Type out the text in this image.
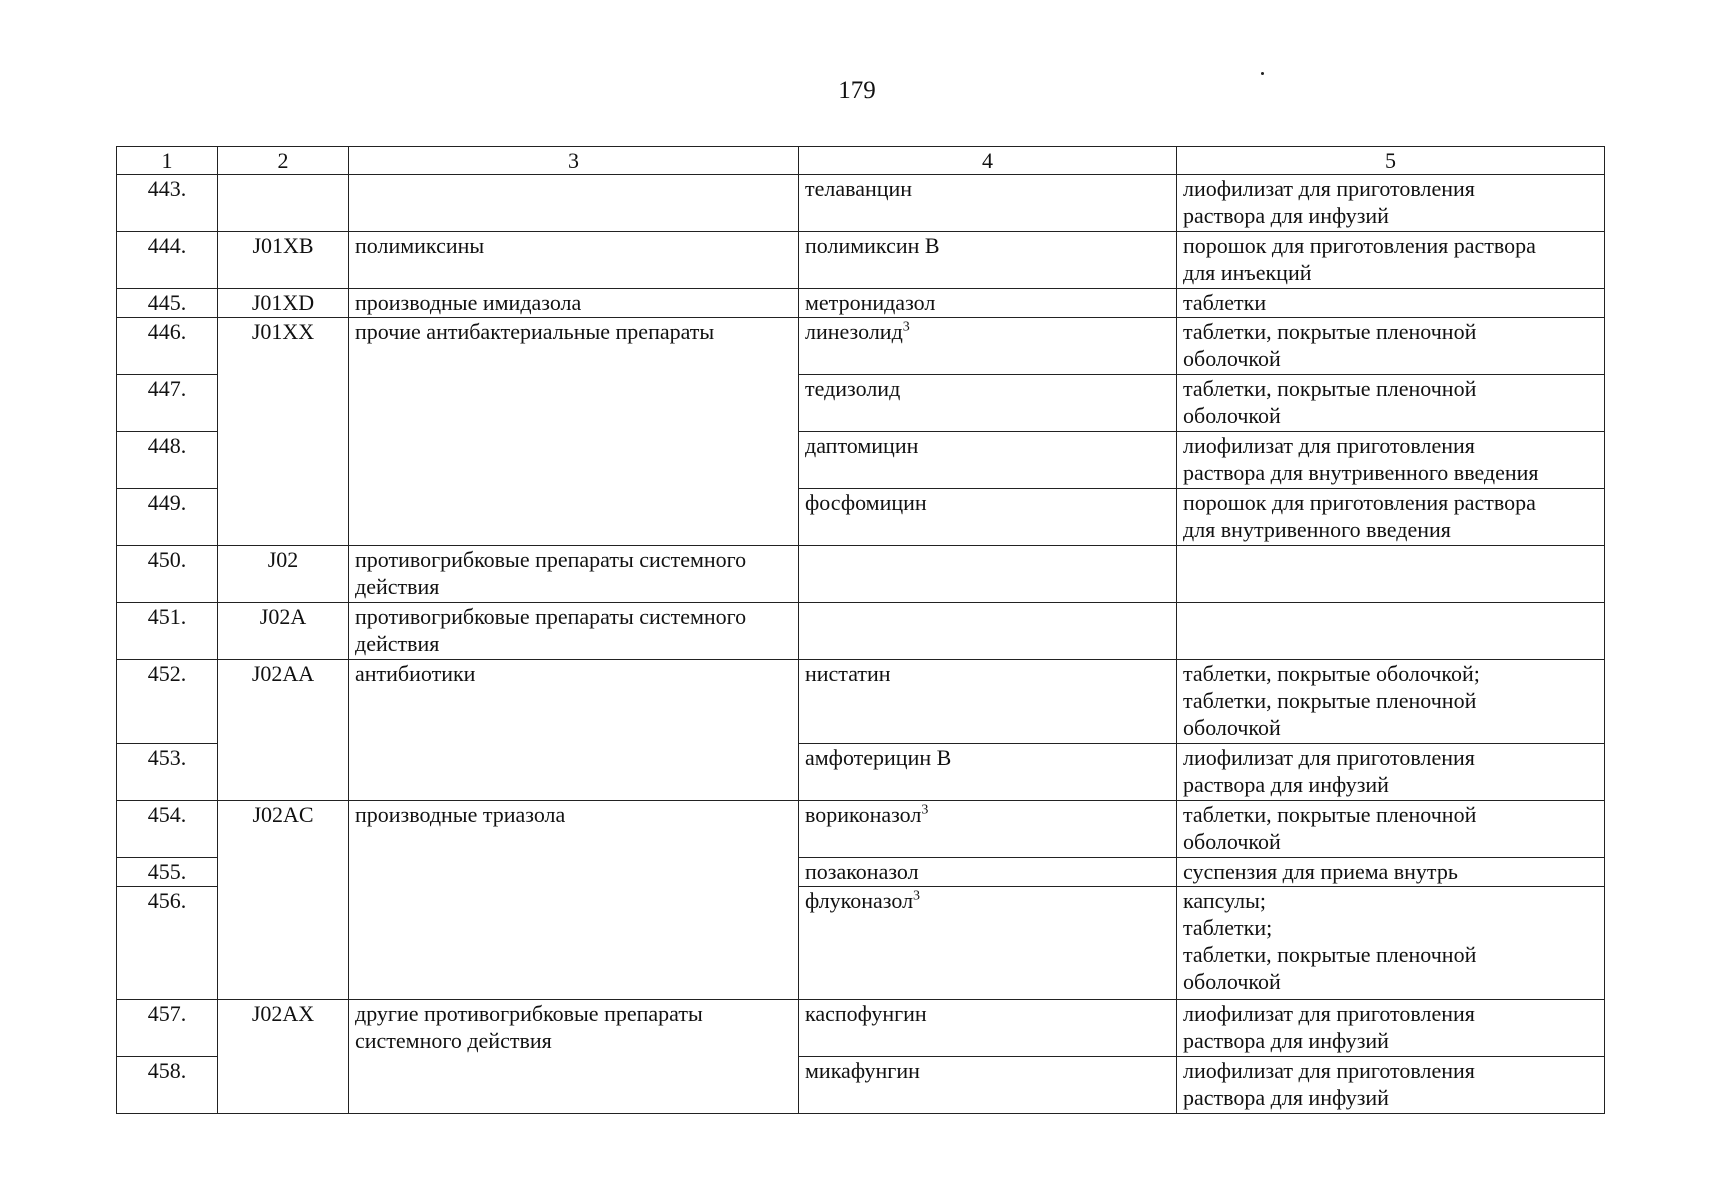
179
1	2	3	4	5
443.			телаванцин	лиофилизат для приготовления
раствора для инфузий

444.	J01XB	полимиксины	полимиксин В	порошок для приготовления раствора
для инъекций

445.	J01XD	производные имидазола	метронидазол	таблетки

446.	J01XX	прочие антибактериальные препараты	линезолид$^3$	таблетки, покрытые пленочной
оболочкой

447.			тедизолид	таблетки, покрытые пленочной
оболочкой

448.			даптомицин	лиофилизат для приготовления
раствора для внутривенного введения

449.			фосфомицин	порошок для приготовления раствора
для внутривенного введения

450.	J02	противогрибковые препараты системного действия		
451.	J02A	противогрибковые препараты системного действия		
452.	J02AA	антибиотики	нистатин	таблетки, покрытые оболочкой;
таблетки, покрытые пленочной
оболочкой

453.			амфотерицин В	лиофилизат для приготовления
раствора для инфузий

454.	J02AC	производные триазола	вориконазол$^3$	таблетки, покрытые пленочной
оболочкой

455.			позаконазол	суспензия для приема внутрь

456.			флуконазол$^3$	капсулы;
таблетки;
таблетки, покрытые пленочной
оболочкой

457.	J02AX	другие противогрибковые препараты системного действия	каспофунгин	лиофилизат для приготовления
раствора для инфузий

458.			микафунгин	лиофилизат для приготовления
раствора для инфузий
